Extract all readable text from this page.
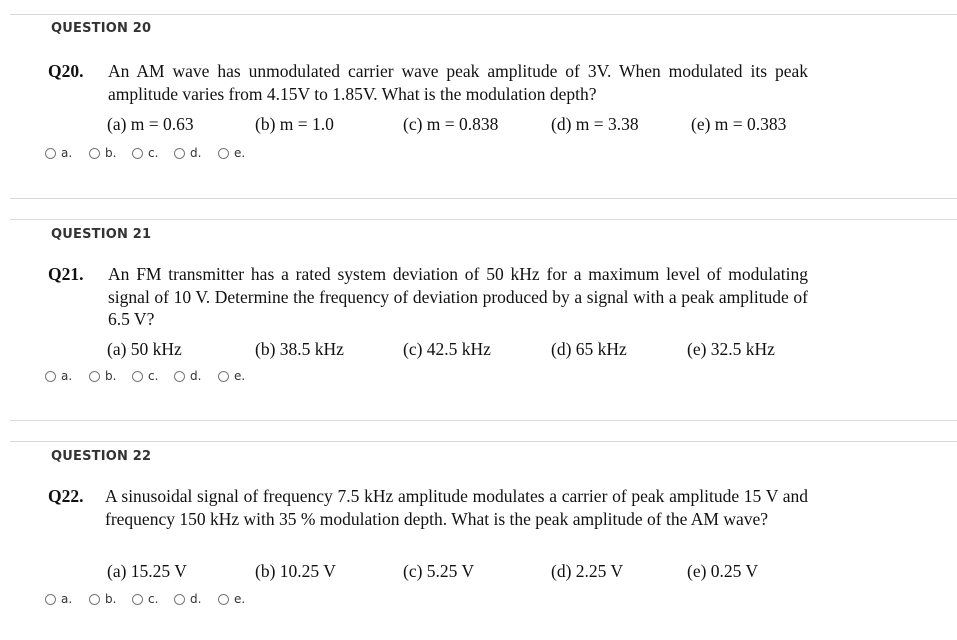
QUESTION 20
Q20. An AM wave has unmodulated carrier wave peak amplitude of 3V. When modulated its peak amplitude varies from 4.15V to 1.85V. What is the modulation depth?
(a) m = 0.63	(b) m = 1.0	(c) m = 0.838	(d) m = 3.38	(e) m = 0.383
a.	b.	c.	d.	e.
QUESTION 21
Q21. An FM transmitter has a rated system deviation of 50 kHz for a maximum level of modulating signal of 10 V. Determine the frequency of deviation produced by a signal with a peak amplitude of 6.5 V?
(a) 50 kHz	(b) 38.5 kHz	(c) 42.5 kHz	(d) 65 kHz	(e) 32.5 kHz
a.	b.	c.	d.	e.
QUESTION 22
Q22. A sinusoidal signal of frequency 7.5 kHz amplitude modulates a carrier of peak amplitude 15 V and frequency 150 kHz with 35 % modulation depth. What is the peak amplitude of the AM wave?
(a) 15.25 V	(b) 10.25 V	(c) 5.25 V	(d) 2.25 V	(e) 0.25 V
a.	b.	c.	d.	e.
